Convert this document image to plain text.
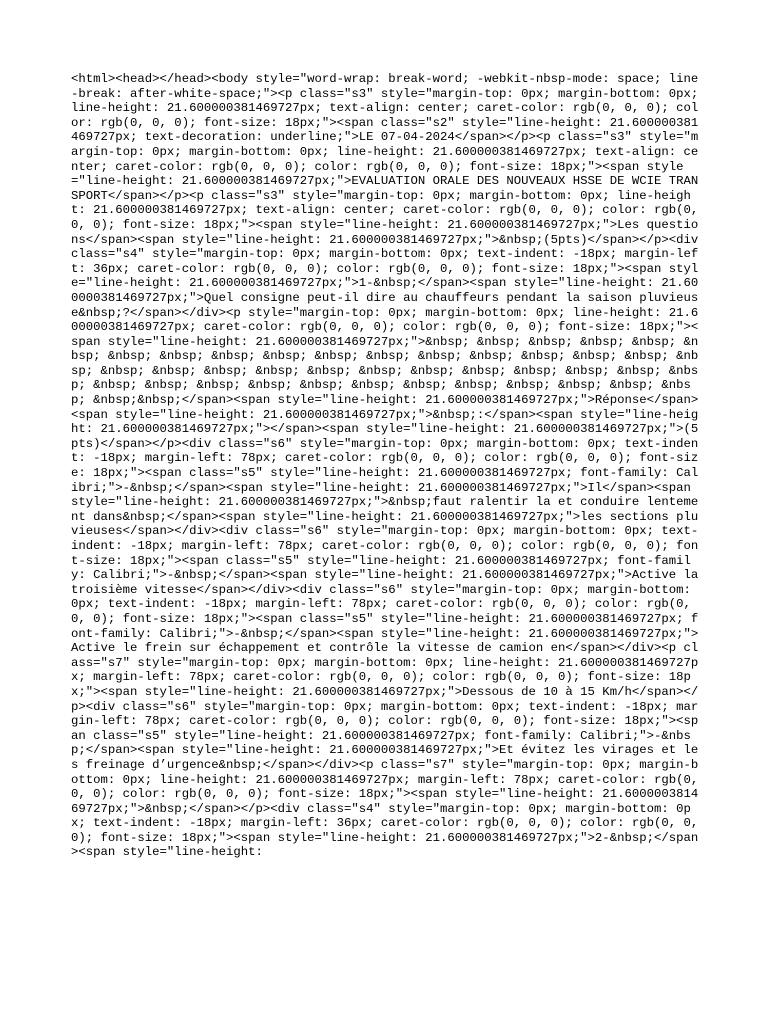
<html><head></head><body style="word-wrap: break-word; -webkit-nbsp-mode: space; line-break: after-white-space;"><p class="s3" style="margin-top: 0px; margin-bottom: 0px; line-height: 21.600000381469727px; text-align: center; caret-color: rgb(0, 0, 0); color: rgb(0, 0, 0); font-size: 18px;"><span class="s2" style="line-height: 21.600000381469727px; text-decoration: underline;">LE 07-04-2024</span></p><p class="s3" style="margin-top: 0px; margin-bottom: 0px; line-height: 21.600000381469727px; text-align: center; caret-color: rgb(0, 0, 0); color: rgb(0, 0, 0); font-size: 18px;"><span style="line-height: 21.600000381469727px;">EVALUATION ORALE DES NOUVEAUX HSSE DE WCIE TRANSPORT</span></p><p class="s3" style="margin-top: 0px; margin-bottom: 0px; line-height: 21.600000381469727px; text-align: center; caret-color: rgb(0, 0, 0); color: rgb(0, 0, 0); font-size: 18px;"><span style="line-height: 21.600000381469727px;">Les questions</span><span style="line-height: 21.600000381469727px;">&nbsp;(5pts)</span></p><div class="s4" style="margin-top: 0px; margin-bottom: 0px; text-indent: -18px; margin-left: 36px; caret-color: rgb(0, 0, 0); color: rgb(0, 0, 0); font-size: 18px;"><span style="line-height: 21.600000381469727px;">1-&nbsp;</span><span style="line-height: 21.600000381469727px;">Quel consigne peut-il dire au chauffeurs pendant la saison pluvieuse&nbsp;?</span></div><p style="margin-top: 0px; margin-bottom: 0px; line-height: 21.600000381469727px; caret-color: rgb(0, 0, 0); color: rgb(0, 0, 0); font-size: 18px;"><span style="line-height: 21.600000381469727px;">&nbsp; &nbsp; &nbsp; &nbsp; &nbsp; &nbsp; &nbsp; &nbsp; &nbsp; &nbsp; &nbsp; &nbsp; &nbsp; &nbsp; &nbsp; &nbsp; &nbsp; &nbsp; &nbsp; &nbsp; &nbsp; &nbsp; &nbsp; &nbsp; &nbsp; &nbsp; &nbsp; &nbsp; &nbsp; &nbsp; &nbsp; &nbsp; &nbsp; &nbsp; &nbsp; &nbsp; &nbsp; &nbsp; &nbsp; &nbsp; &nbsp; &nbsp; &nbsp;&nbsp;</span><span style="line-height: 21.600000381469727px;">Réponse</span><span style="line-height: 21.600000381469727px;">&nbsp;:</span><span style="line-height: 21.600000381469727px;"></span><span style="line-height: 21.600000381469727px;">(5pts)</span></p><div class="s6" style="margin-top: 0px; margin-bottom: 0px; text-indent: -18px; margin-left: 78px; caret-color: rgb(0, 0, 0); color: rgb(0, 0, 0); font-size: 18px;"><span class="s5" style="line-height: 21.600000381469727px; font-family: Calibri;">-&nbsp;</span><span style="line-height: 21.600000381469727px;">Il</span><span style="line-height: 21.600000381469727px;">&nbsp;faut ralentir la et conduire lentement dans&nbsp;</span><span style="line-height: 21.600000381469727px;">les sections pluvieuses</span></div><div class="s6" style="margin-top: 0px; margin-bottom: 0px; text-indent: -18px; margin-left: 78px; caret-color: rgb(0, 0, 0); color: rgb(0, 0, 0); font-size: 18px;"><span class="s5" style="line-height: 21.600000381469727px; font-family: Calibri;">-&nbsp;</span><span style="line-height: 21.600000381469727px;">Active la troisième vitesse</span></div><div class="s6" style="margin-top: 0px; margin-bottom: 0px; text-indent: -18px; margin-left: 78px; caret-color: rgb(0, 0, 0); color: rgb(0, 0, 0); font-size: 18px;"><span class="s5" style="line-height: 21.600000381469727px; font-family: Calibri;">-&nbsp;</span><span style="line-height: 21.600000381469727px;">Active le frein sur échappement et contrôle la vitesse de camion en</span></div><p class="s7" style="margin-top: 0px; margin-bottom: 0px; line-height: 21.600000381469727px; margin-left: 78px; caret-color: rgb(0, 0, 0); color: rgb(0, 0, 0); font-size: 18px;"><span style="line-height: 21.600000381469727px;">Dessous de 10 à 15 Km/h</span></p><div class="s6" style="margin-top: 0px; margin-bottom: 0px; text-indent: -18px; margin-left: 78px; caret-color: rgb(0, 0, 0); color: rgb(0, 0, 0); font-size: 18px;"><span class="s5" style="line-height: 21.600000381469727px; font-family: Calibri;">-&nbsp;</span><span style="line-height: 21.600000381469727px;">Et évitez les virages et les freinage d’urgence&nbsp;</span></div><p class="s7" style="margin-top: 0px; margin-bottom: 0px; line-height: 21.600000381469727px; margin-left: 78px; caret-color: rgb(0, 0, 0); color: rgb(0, 0, 0); font-size: 18px;"><span style="line-height: 21.600000381469727px;">&nbsp;</span></p><div class="s4" style="margin-top: 0px; margin-bottom: 0px; text-indent: -18px; margin-left: 36px; caret-color: rgb(0, 0, 0); color: rgb(0, 0, 0); font-size: 18px;"><span style="line-height: 21.600000381469727px;">2-&nbsp;</span><span style="line-height:
